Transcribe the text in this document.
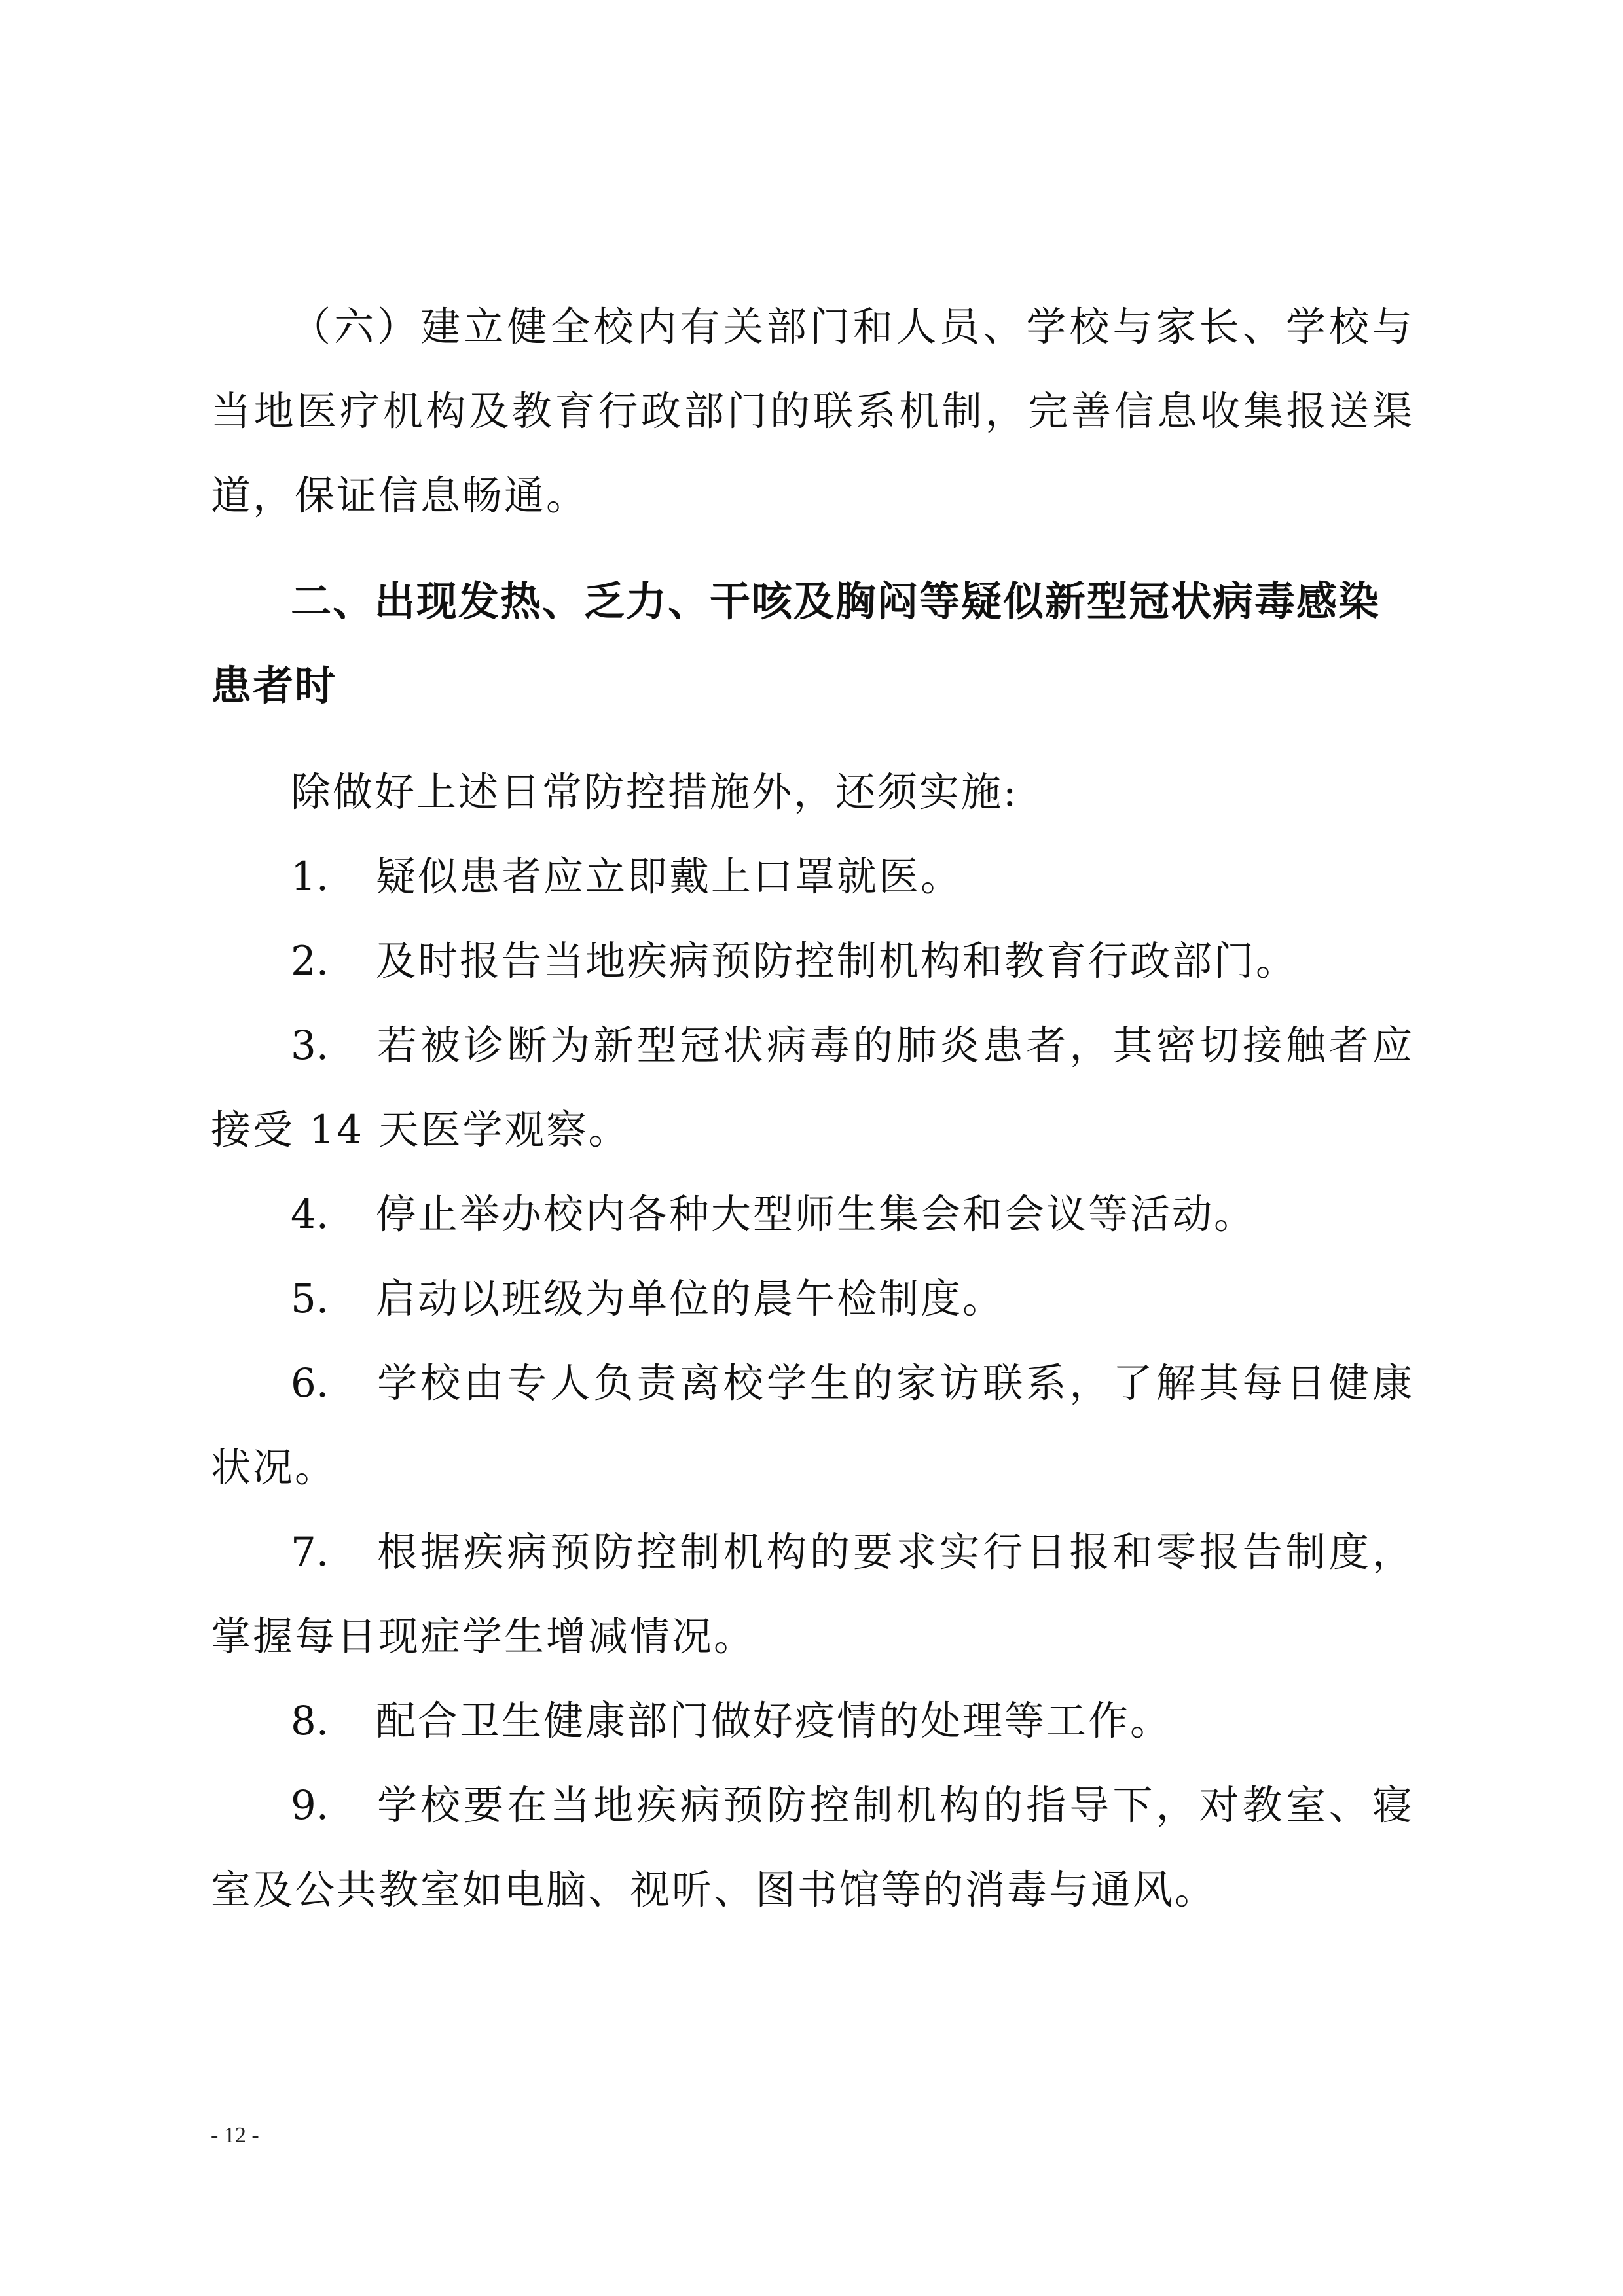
（六）建立健全校内有关部门和人员、学校与家长、学校与当地医疗机构及教育行政部门的联系机制，完善信息收集报送渠道，保证信息畅通。

二、出现发热、乏力、干咳及胸闷等疑似新型冠状病毒感染患者时

除做好上述日常防控措施外，还须实施:

1. 疑似患者应立即戴上口罩就医。

2. 及时报告当地疾病预防控制机构和教育行政部门。

3. 若被诊断为新型冠状病毒的肺炎患者，其密切接触者应接受 14 天医学观察。

4. 停止举办校内各种大型师生集会和会议等活动。

5. 启动以班级为单位的晨午检制度。

6. 学校由专人负责离校学生的家访联系，了解其每日健康状况。

7. 根据疾病预防控制机构的要求实行日报和零报告制度，掌握每日现症学生增减情况。

8. 配合卫生健康部门做好疫情的处理等工作。

9. 学校要在当地疾病预防控制机构的指导下，对教室、寝室及公共教室如电脑、视听、图书馆等的消毒与通风。

- 12 -
